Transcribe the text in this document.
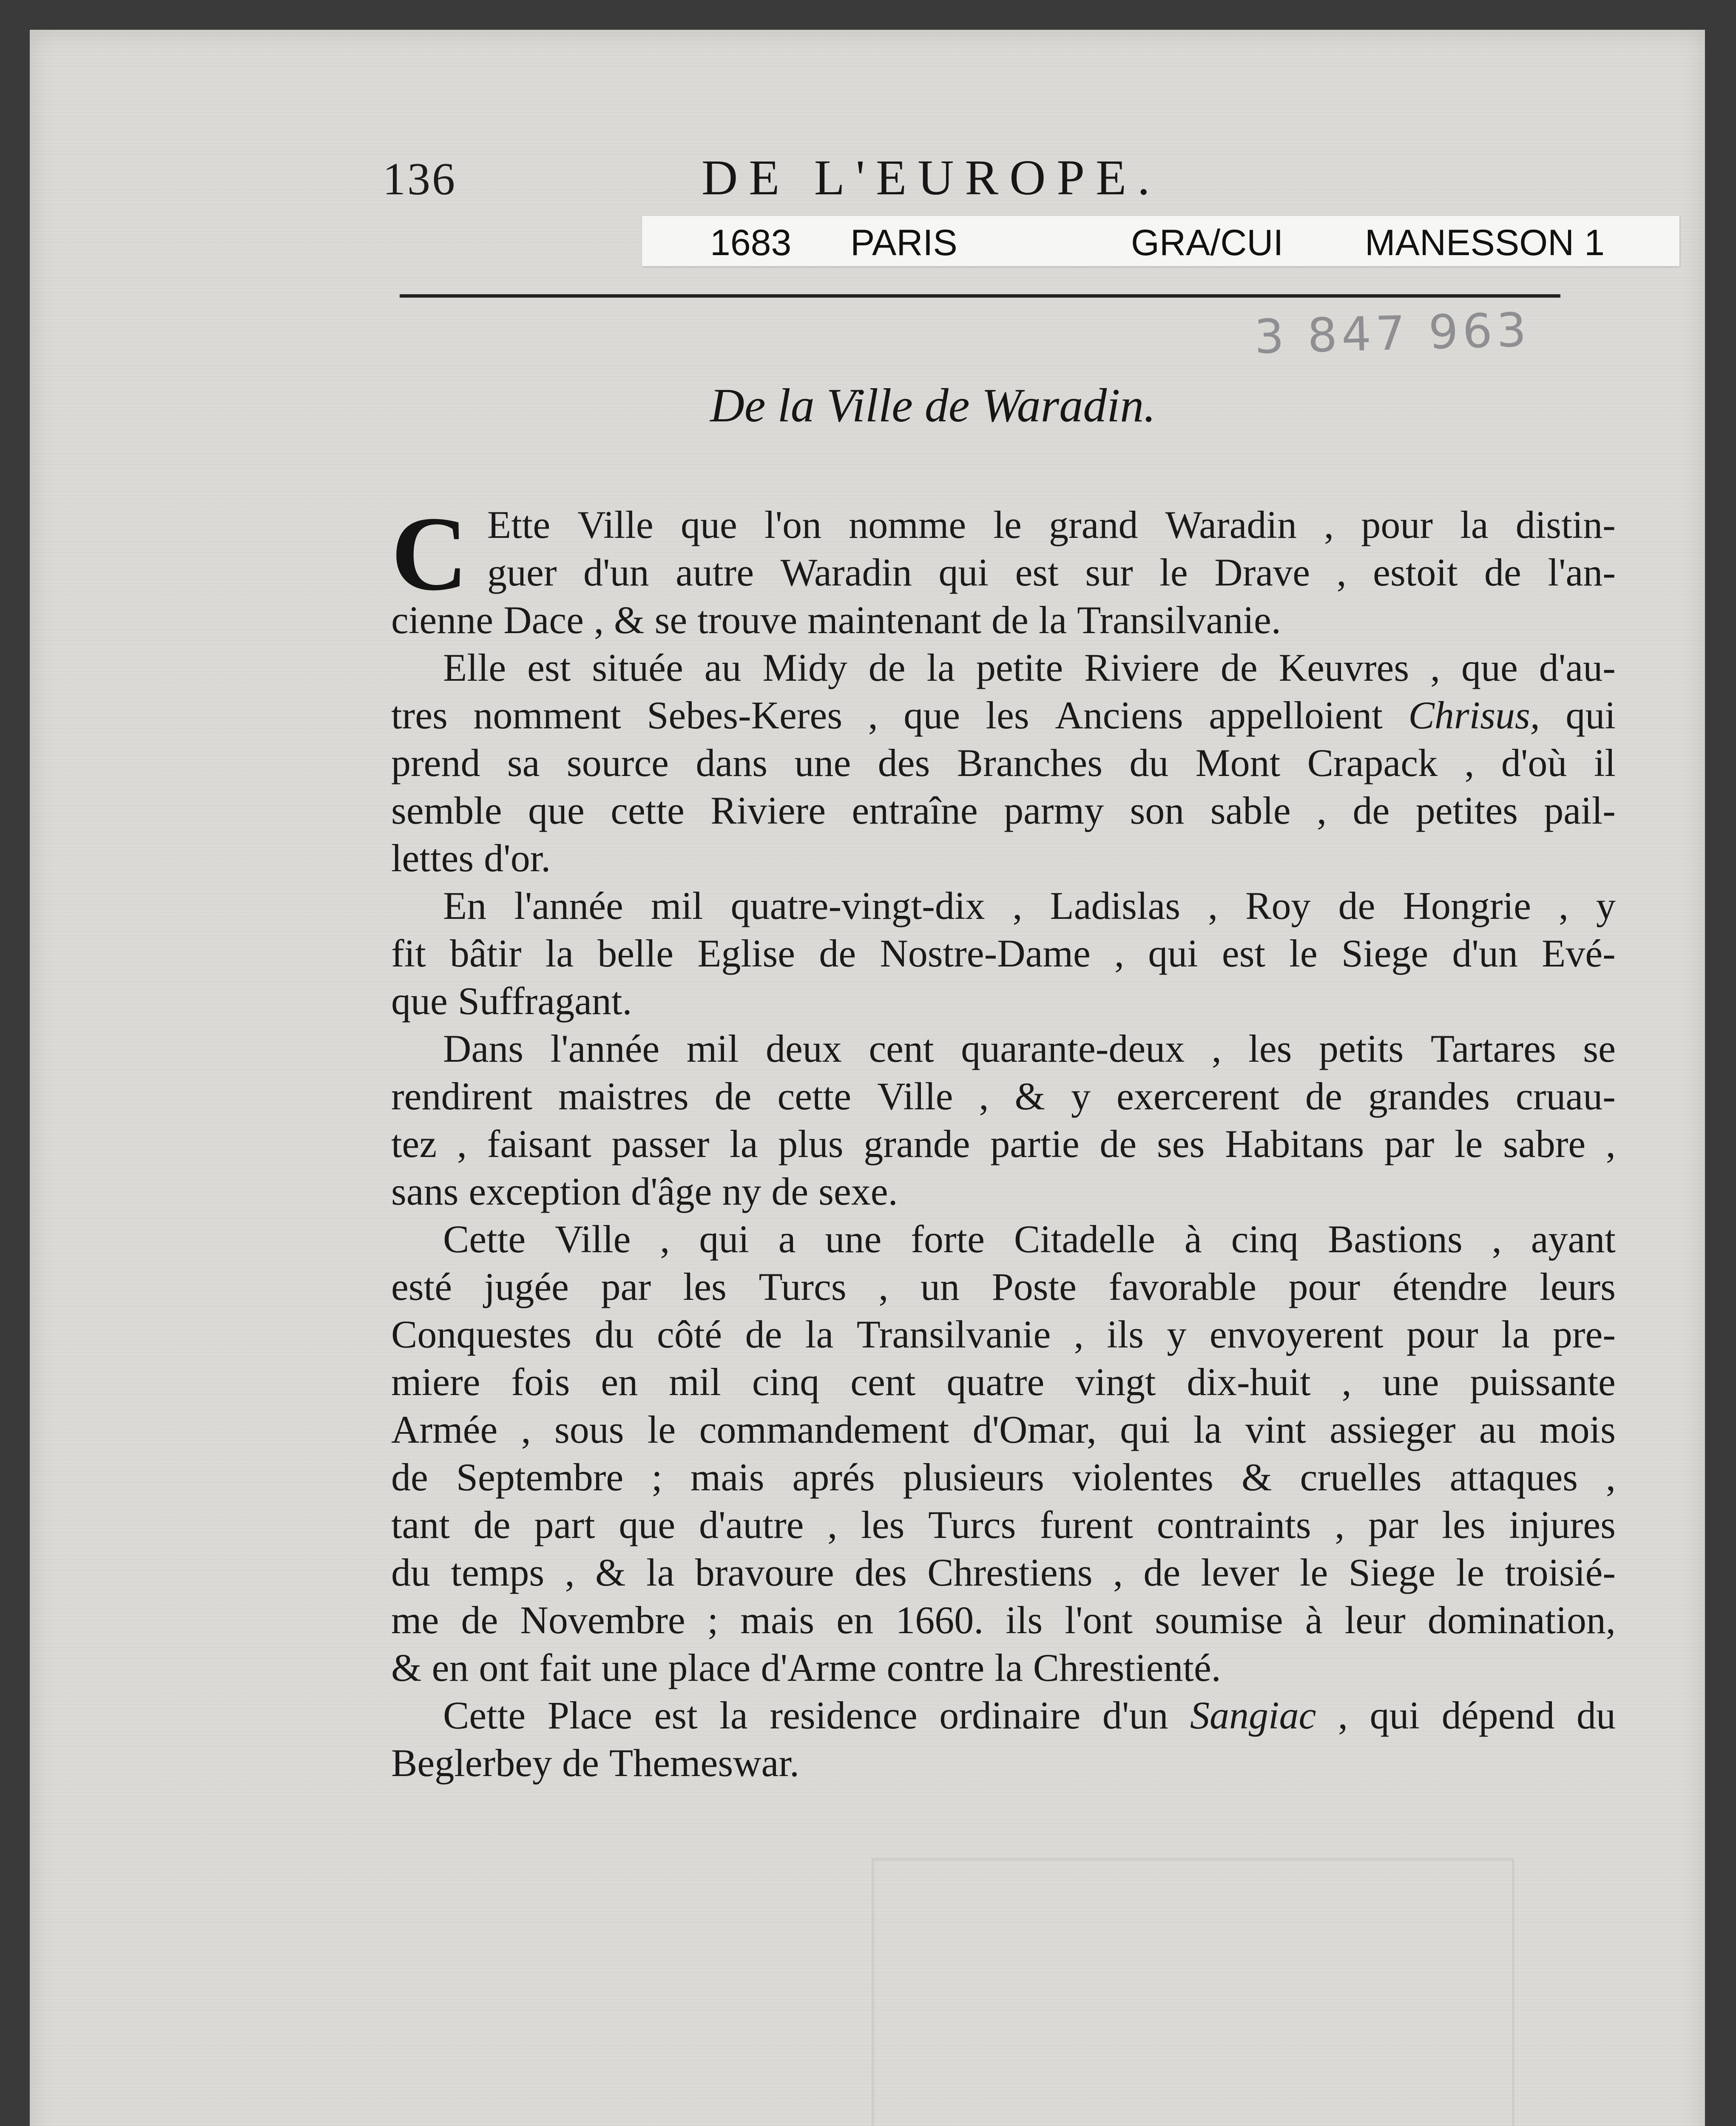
136	DE L'EUROPE.
1683 PARIS	GRA/CUI MANESSON 1
3 847 963
De la Ville de Waradin.
C Ette Ville que l'on nomme le grand Waradin , pour la distin-
guer d'un autre Waradin qui est sur le Drave , estoit de l'an-
cienne Dace , & se trouve maintenant de la Transilvanie.
Elle est située au Midy de la petite Riviere de Keuvres , que d'au-
tres nomment Sebes-Keres , que les Anciens appelloient Chrisus, qui
prend sa source dans une des Branches du Mont Crapack , d'où il
semble que cette Riviere entraîne parmy son sable , de petites pail-
lettes d'or.
En l'année mil quatre-vingt-dix , Ladislas , Roy de Hongrie , y
fit bâtir la belle Eglise de Nostre-Dame , qui est le Siege d'un Evé-
que Suffragant.
Dans l'année mil deux cent quarante-deux , les petits Tartares se
rendirent maistres de cette Ville , & y exercerent de grandes cruau-
tez , faisant passer la plus grande partie de ses Habitans par le sabre ,
sans exception d'âge ny de sexe.
Cette Ville , qui a une forte Citadelle à cinq Bastions , ayant
esté jugée par les Turcs , un Poste favorable pour étendre leurs
Conquestes du côté de la Transilvanie , ils y envoyerent pour la pre-
miere fois en mil cinq cent quatre vingt dix-huit , une puissante
Armée , sous le commandement d'Omar, qui la vint assieger au mois
de Septembre ; mais aprés plusieurs violentes & cruelles attaques ,
tant de part que d'autre , les Turcs furent contraints , par les injures
du temps , & la bravoure des Chrestiens , de lever le Siege le troisié-
me de Novembre ; mais en 1660. ils l'ont soumise à leur domination,
& en ont fait une place d'Arme contre la Chrestienté.
Cette Place est la residence ordinaire d'un Sangiac , qui dépend du
Beglerbey de Themeswar.
